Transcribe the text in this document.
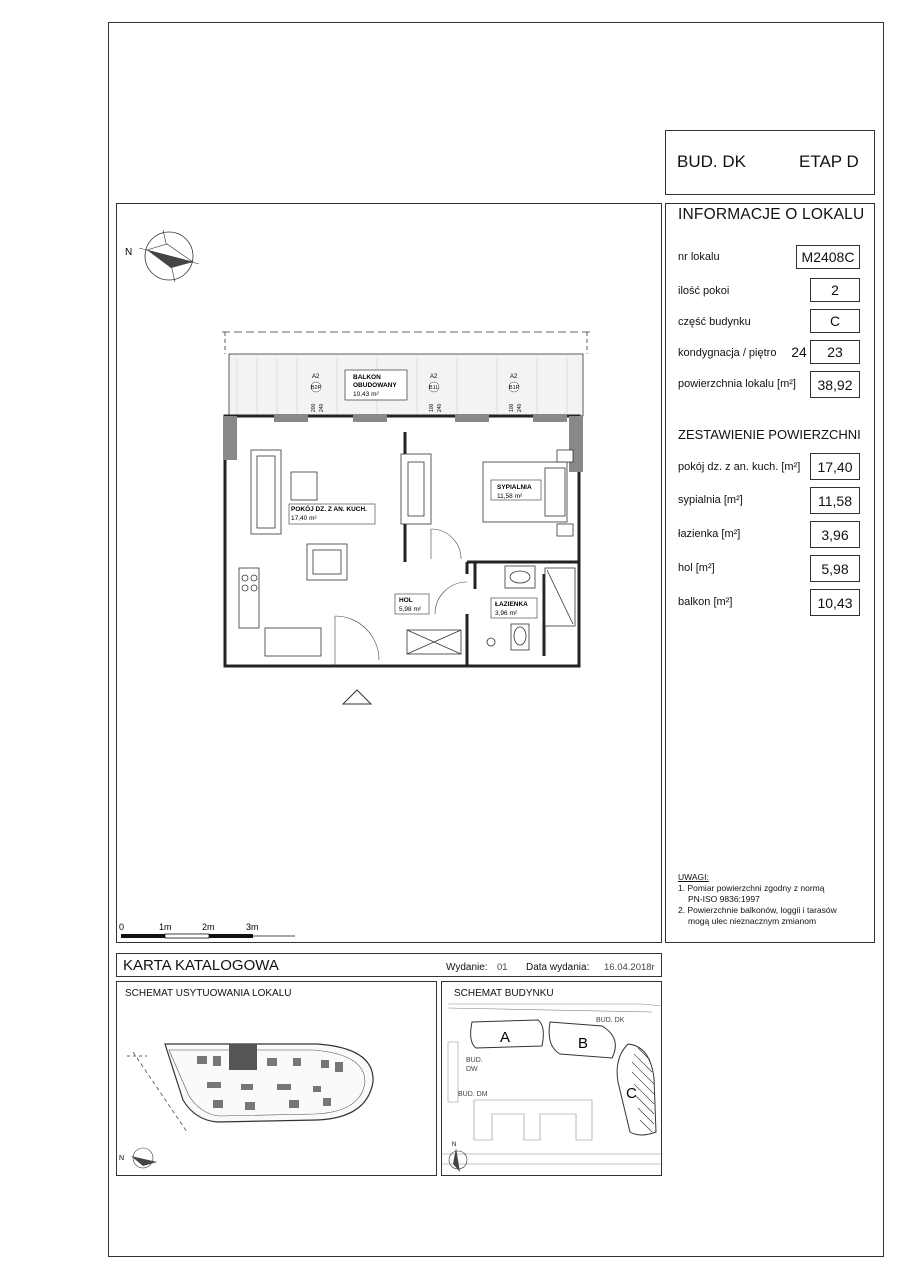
BUD. DK	ETAP D
N
BALKON
OBUDOWANY
10,43 m²
A2
B2P
200 240
A2
B1L
100 240
A2
B1P
100 240
POKÓJ DZ. Z AN. KUCH.
17,40 m²
SYPIALNIA
11,58 m²
ŁAZIENKA
3,96 m²
HOL
5,98 m²
0	1m	2m	3m
INFORMACJE O LOKALU
nr lokalu	M2408C
ilość pokoi	2
część budynku	C
kondygnacja / piętro	24	23
powierzchnia lokalu [m²]	38,92
ZESTAWIENIE POWIERZCHNI
pokój dz. z an. kuch. [m²]	17,40
sypialnia [m²]	11,58
łazienka [m²]	3,96
hol [m²]	5,98
balkon [m²]	10,43
UWAGI:
1. Pomiar powierzchni zgodny z normą
PN-ISO 9836:1997
2. Powierzchnie balkonów, loggii i tarasów
mogą ulec nieznacznym zmianom
KARTA KATALOGOWA	Wydanie: 01 Data wydania: 16.04.2018r
SCHEMAT USYTUOWANIA LOKALU
N
SCHEMAT BUDYNKU
A	B
BUD. DK
C
BUD.
DW
BUD. DM
N
